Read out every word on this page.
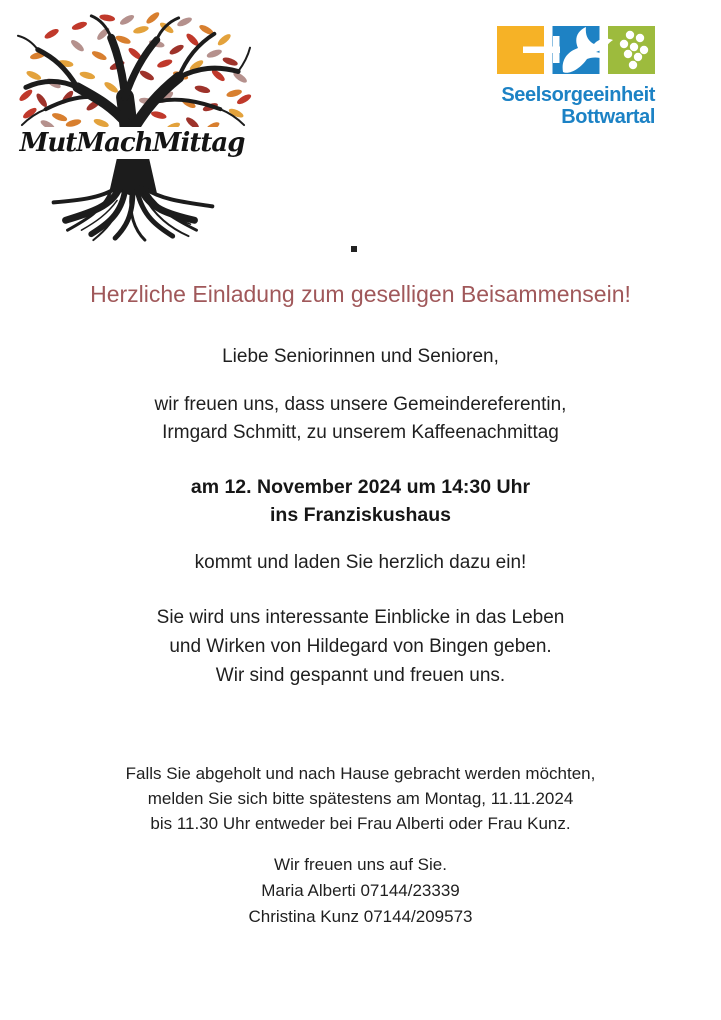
MutMachMittag
Seelsorgeeinheit
Bottwartal
Herzliche Einladung zum geselligen Beisammensein!
Liebe Seniorinnen und Senioren,
wir freuen uns, dass unsere Gemeindereferentin,
Irmgard Schmitt, zu unserem Kaffeenachmittag
am 12. November 2024 um 14:30 Uhr
ins Franziskushaus
kommt und laden Sie herzlich dazu ein!
Sie wird uns interessante Einblicke in das Leben
und Wirken von Hildegard von Bingen geben.
Wir sind gespannt und freuen uns.
Falls Sie abgeholt und nach Hause gebracht werden möchten,
melden Sie sich bitte spätestens am Montag, 11.11.2024
bis 11.30 Uhr entweder bei Frau Alberti oder Frau Kunz.
Wir freuen uns auf Sie.
Maria Alberti 07144/23339
Christina Kunz 07144/209573
